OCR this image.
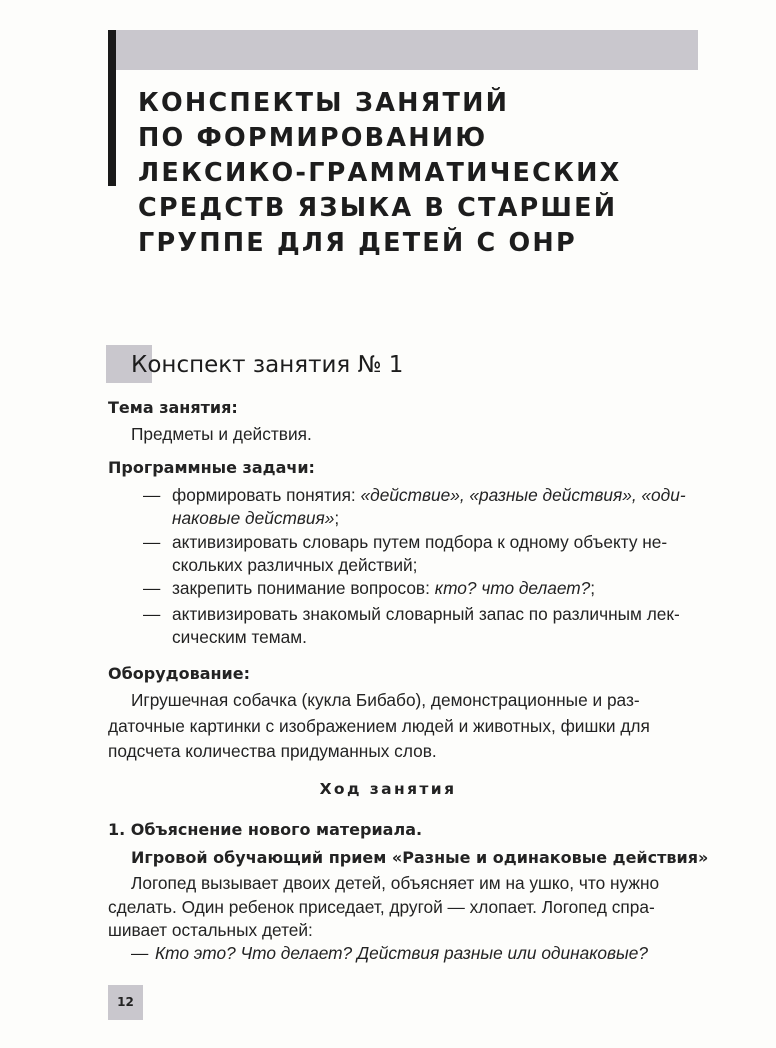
КОНСПЕКТЫ ЗАНЯТИЙ
ПО ФОРМИРОВАНИЮ
ЛЕКСИКО-ГРАММАТИЧЕСКИХ
СРЕДСТВ ЯЗЫКА В СТАРШЕЙ
ГРУППЕ ДЛЯ ДЕТЕЙ С ОНР
Конспект занятия № 1
Тема занятия:
Предметы и действия.
Программные задачи:
— формировать понятия: «действие», «разные действия», «оди-
наковые действия»;
— активизировать словарь путем подбора к одному объекту не-
скольких различных действий;
— закрепить понимание вопросов: кто? что делает?;
— активизировать знакомый словарный запас по различным лек-
сическим темам.
Оборудование:
Игрушечная собачка (кукла Бибабо), демонстрационные и раз-
даточные картинки с изображением людей и животных, фишки для
подсчета количества придуманных слов.
Ход занятия
1. Объяснение нового материала.
Игровой обучающий прием «Разные и одинаковые действия»
Логопед вызывает двоих детей, объясняет им на ушко, что нужно
сделать. Один ребенок приседает, другой — хлопает. Логопед спра-
шивает остальных детей:
— Кто это? Что делает? Действия разные или одинаковые?
12
